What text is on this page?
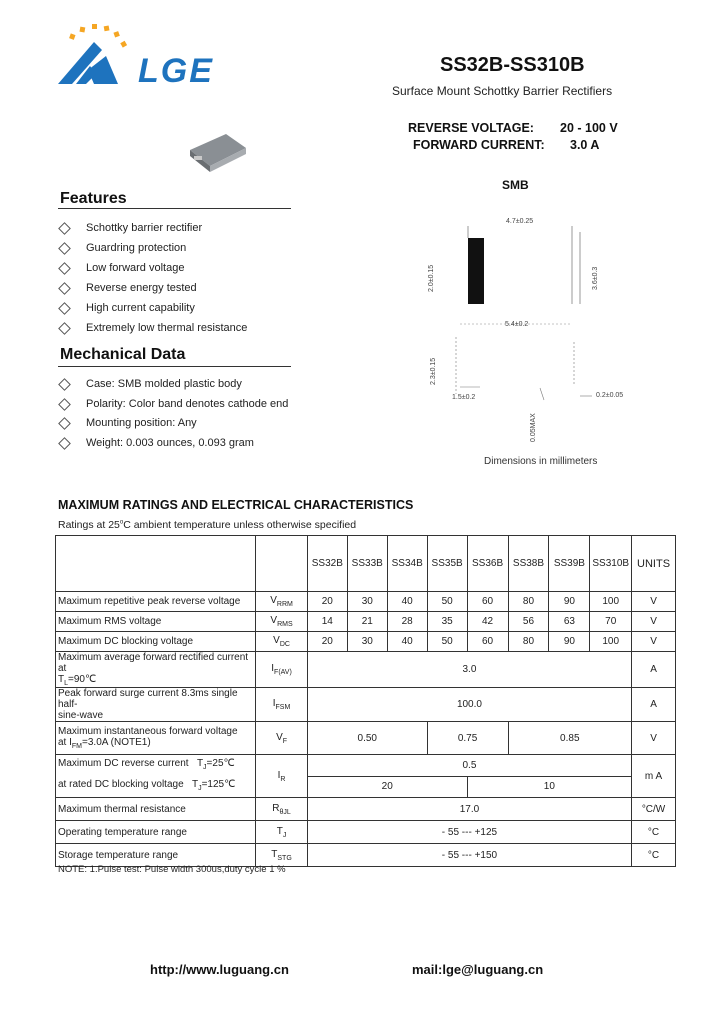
LGE	SS32B-SS310B
Surface Mount Schottky Barrier Rectifiers
REVERSE VOLTAGE: 20 - 100 V
FORWARD CURRENT: 3.0 A
Features
Schottky barrier rectifier
Guardring protection
Low forward voltage
Reverse energy tested
High current capability
Extremely low thermal resistance
Mechanical Data
Case: SMB molded plastic body
Polarity: Color band denotes cathode end
Mounting position: Any
Weight: 0.003 ounces, 0.093 gram
SMB
4.7±0.25
2.0±0.15	3.6±0.3
5.4±0.2
2.3±0.15
1.5±0.2	0.2±0.05
0.05MAX
Dimensions in millimeters
MAXIMUM RATINGS AND ELECTRICAL CHARACTERISTICS
Ratings at 25$^o$C ambient temperature unless otherwise specified
		SS32B	SS33B	SS34B	SS35B	SS36B	SS38B	SS39B	SS310B	UNITS
Maximum repetitive peak reverse voltage	$V_{RRM}$	20	30	40	50	60	80	90	100	V
Maximum RMS voltage	$V_{RMS}$	14	21	28	35	42	56	63	70	V
Maximum DC blocking voltage	$V_{DC}$	20	30	40	50	60	80	90	100	V
Maximum average forward rectified current at
$T_L=90℃$	$I_{F(AV)}$	3.0								A
Peak forward surge current 8.3ms single half-
sine-wave	$I_{FSM}$	100.0								A
Maximum instantaneous forward voltage
at $I_{FM}=3.0A$ (NOTE1)	$V_F$	0.50			0.75		0.85			V
Maximum DC reverse current $T_J=25℃$
at rated DC blocking voltage $T_J=125℃$	$I_R$	0.5								m A
		20				10				
Maximum thermal resistance	$R_{\theta JL}$	17.0								°C/W
Operating temperature range	$T_J$	- 55 --- +125								°C
Storage temperature range	$T_{STG}$	- 55 --- +150								°C
NOTE: 1.Pulse test: Pulse width 300us,duty cycle 1 %
http://www.luguang.cn	mail:lge@luguang.cn
